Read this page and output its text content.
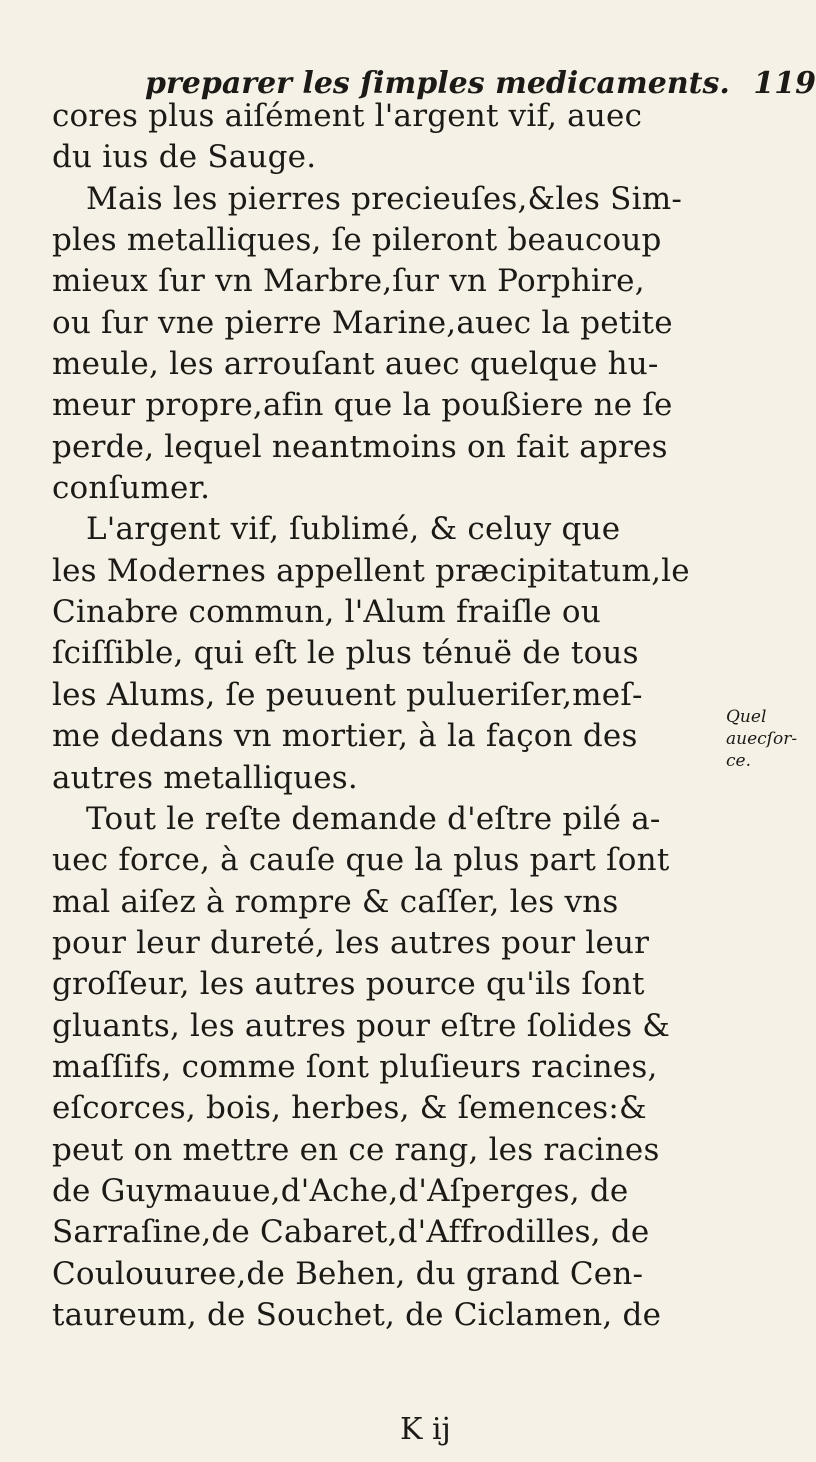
preparer les ſimples medicaments. 119
cores plus aiſément l'argent vif, auec
du ius de Sauge.
Mais les pierres precieuſes,&les Sim-
ples metalliques, ſe pileront beaucoup
mieux ſur vn Marbre,ſur vn Porphire,
ou ſur vne pierre Marine,auec la petite
meule, les arrouſant auec quelque hu-
meur propre,afin que la poußiere ne ſe
perde, lequel neantmoins on fait apres
conſumer.
L'argent vif, ſublimé, & celuy que
les Modernes appellent præcipitatum,le
Cinabre commun, l'Alum fraiſle ou
ſciſſible, qui eſt le plus ténuë de tous
les Alums, ſe peuuent pulueriſer,meſ-
me dedans vn mortier, à la façon des
autres metalliques.
Tout le reſte demande d'eſtre pilé a-
uec force, à cauſe que la plus part ſont
mal aiſez à rompre & caſſer, les vns
pour leur dureté, les autres pour leur
groſſeur, les autres pource qu'ils ſont
gluants, les autres pour eſtre ſolides &
maſſifs, comme ſont pluſieurs racines,
eſcorces, bois, herbes, & ſemences:&
peut on mettre en ce rang, les racines
de Guymauue,d'Ache,d'Aſperges, de
Sarraſine,de Cabaret,d'Affrodilles, de
Coulouuree,de Behen, du grand Cen-
taureum, de Souchet, de Ciclamen, de
Quel
auecſor-
ce.
K ij
